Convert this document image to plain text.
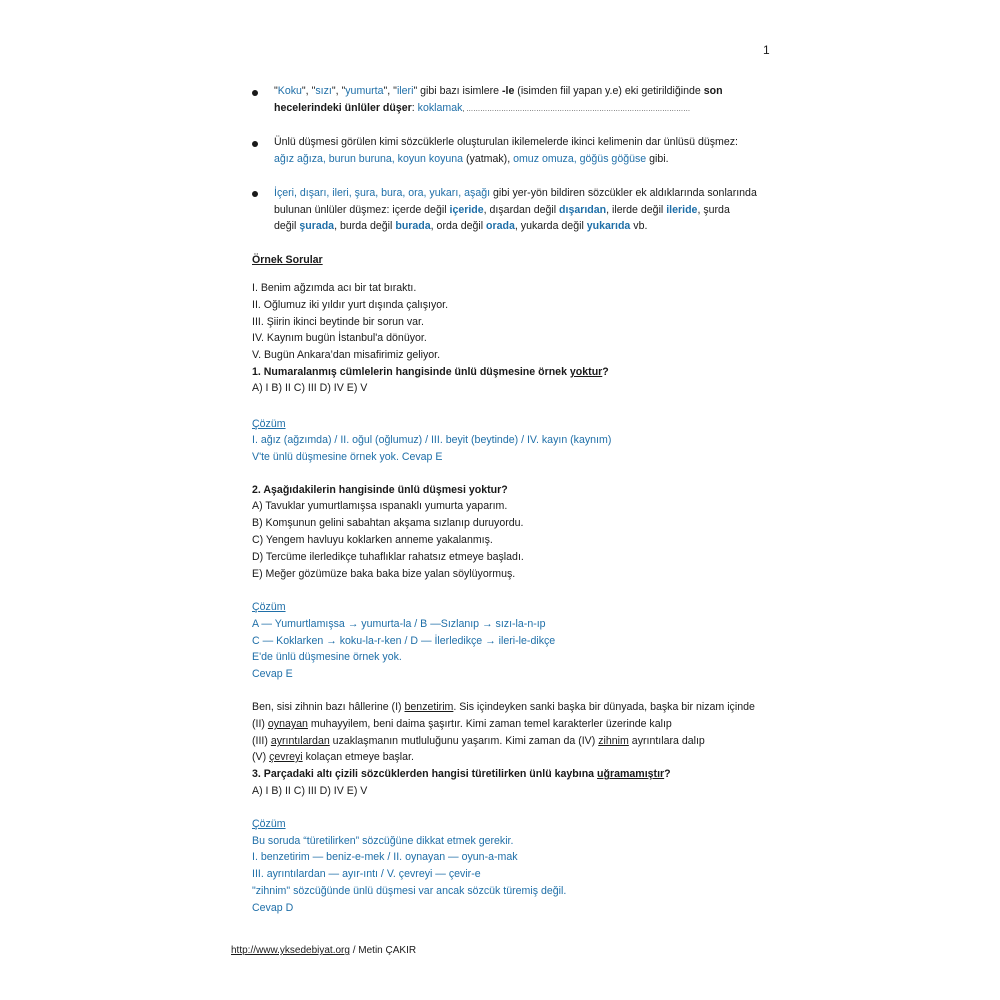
1
"Koku", "sızı", "yumurta", "ileri" gibi bazı isimlere -le (isimden fiil yapan y.e) eki getirildiğinde son
hecelerindeki ünlüler düşer: koklamak, ……………………………………………………………………………………
Ünlü düşmesi görülen kimi sözcüklerle oluşturulan ikilemelerde ikinci kelimenin dar ünlüsü düşmez:
ağız ağıza, burun buruna, koyun koyuna (yatmak), omuz omuza, göğüs göğüse gibi.
İçeri, dışarı, ileri, şura, bura, ora, yukarı, aşağı gibi yer-yön bildiren sözcükler ek aldıklarında sonlarında
bulunan ünlüler düşmez: içerde değil içeride, dışardan değil dışarıdan, ilerde değil ileride, şurda
değil şurada, burda değil burada, orda değil orada, yukarda değil yukarıda vb.
Örnek Sorular
I. Benim ağzımda acı bir tat bıraktı.
II. Oğlumuz iki yıldır yurt dışında çalışıyor.
III. Şiirin ikinci beytinde bir sorun var.
IV. Kaynım bugün İstanbul'a dönüyor.
V. Bugün Ankara’dan misafirimiz geliyor.
1. Numaralanmış cümlelerin hangisinde ünlü düşmesine örnek yoktur?
A) I B) II C) III D) IV E) V
Çözüm
I. ağız (ağzımda) / II. oğul (oğlumuz) / III. beyit (beytinde) / IV. kayın (kaynım)
V'te ünlü düşmesine örnek yok. Cevap E
2. Aşağıdakilerin hangisinde ünlü düşmesi yoktur?
A) Tavuklar yumurtlamışsa ıspanaklı yumurta yaparım.
B) Komşunun gelini sabahtan akşama sızlanıp duruyordu.
C) Yengem havluyu koklarken anneme yakalanmış.
D) Tercüme ilerledikçe tuhaflıklar rahatsız etmeye başladı.
E) Meğer gözümüze baka baka bize yalan söylüyormuş.
Çözüm
A — Yumurtlamışsa → yumurta-la / B —Sızlanıp → sızı-la-n-ıp
C — Koklarken → koku-la-r-ken / D — İlerledikçe → ileri-le-dikçe
E'de ünlü düşmesine örnek yok.
Cevap E
Ben, sisi zihnin bazı hâllerine (I) benzetirim. Sis içindeyken sanki başka bir dünyada, başka bir nizam içinde
(II) oynayan muhayyilem, beni daima şaşırtır. Kimi zaman temel karakterler üzerinde kalıp
(III) ayrıntılardan uzaklaşmanın mutluluğunu yaşarım. Kimi zaman da (IV) zihnim ayrıntılara dalıp
(V) çevreyi kolaçan etmeye başlar.
3. Parçadaki altı çizili sözcüklerden hangisi türetilirken ünlü kaybına uğramamıştır?
A) I B) II C) III D) IV E) V
Çözüm
Bu soruda “türetilirken” sözcüğüne dikkat etmek gerekir.
I. benzetirim — beniz-e-mek / II. oynayan — oyun-a-mak
III. ayrıntılardan — ayır-ıntı / V. çevreyi — çevir-e
"zihnim" sözcüğünde ünlü düşmesi var ancak sözcük türemiş değil.
Cevap D
http://www.yksedebiyat.org / Metin ÇAKIR
